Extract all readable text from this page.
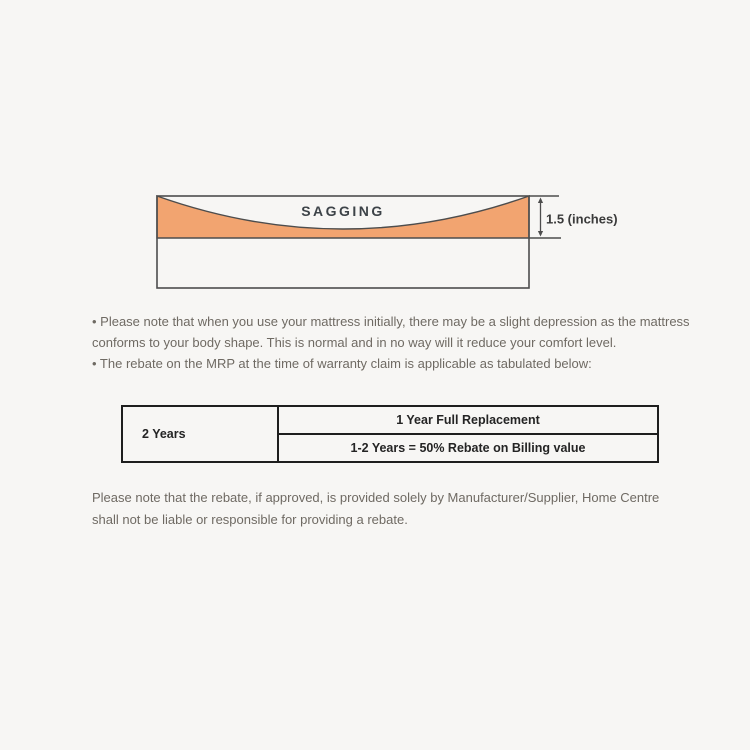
SAGGING	1.5 (inches)
• Please note that when you use your mattress initially, there may be a slight depression as the mattress
conforms to your body shape. This is normal and in no way will it reduce your comfort level.
• The rebate on the MRP at the time of warranty claim is applicable as tabulated below:
2 Years	1 Year Full Replacement
1-2 Years = 50% Rebate on Billing value
Please note that the rebate, if approved, is provided solely by Manufacturer/Supplier, Home Centre
shall not be liable or responsible for providing a rebate.
